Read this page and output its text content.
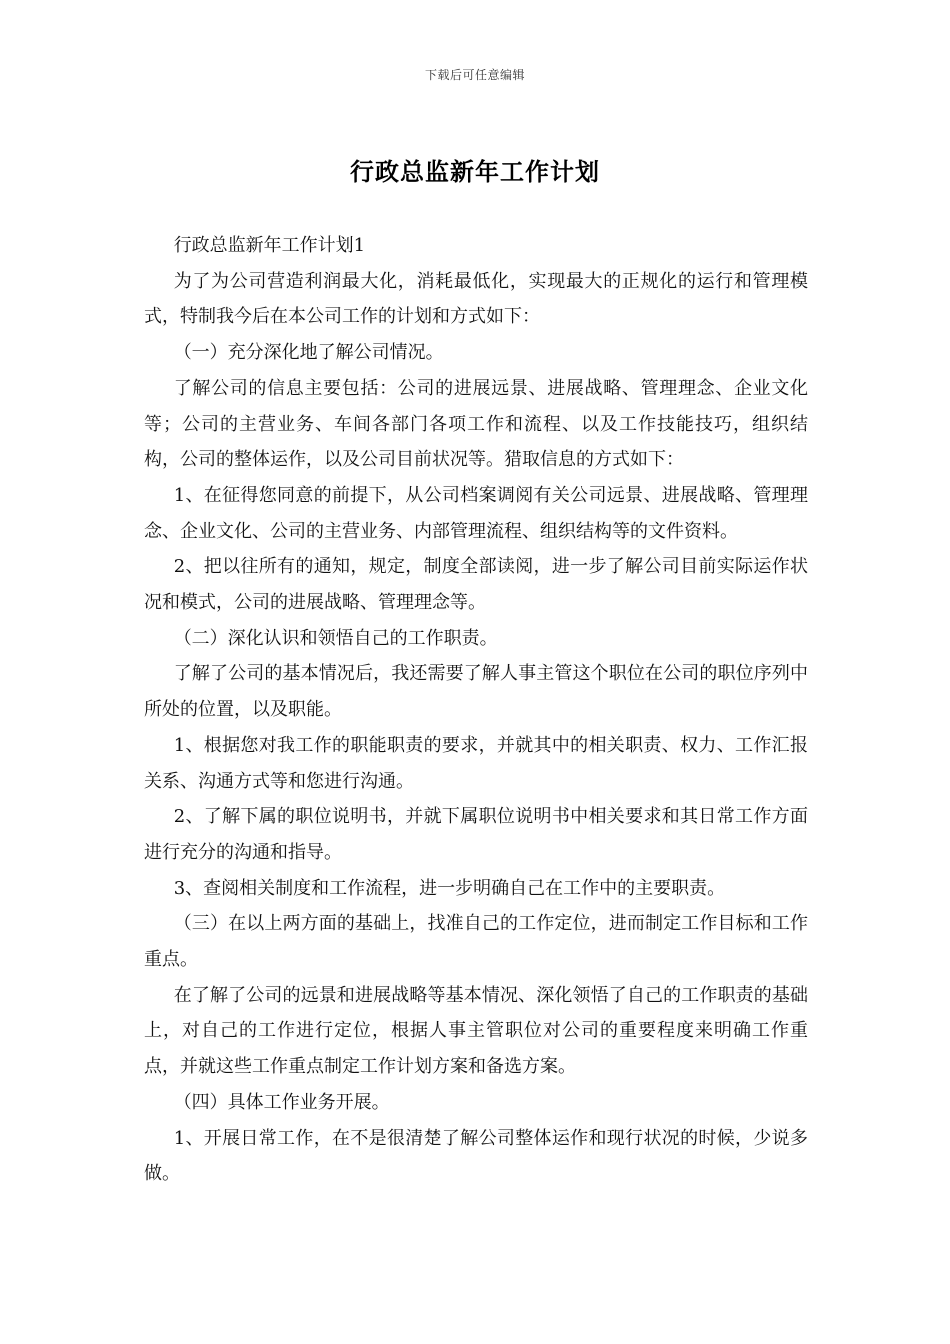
下载后可任意编辑
行政总监新年工作计划

行政总监新年工作计划1

为了为公司营造利润最大化，消耗最低化，实现最大的正规化的运行和管理模式，特制我今后在本公司工作的计划和方式如下：

（一）充分深化地了解公司情况。

了解公司的信息主要包括：公司的进展远景、进展战略、管理理念、企业文化等；公司的主营业务、车间各部门各项工作和流程、以及工作技能技巧，组织结构，公司的整体运作，以及公司目前状况等。猎取信息的方式如下：

1、在征得您同意的前提下，从公司档案调阅有关公司远景、进展战略、管理理念、企业文化、公司的主营业务、内部管理流程、组织结构等的文件资料。

2、把以往所有的通知，规定，制度全部读阅，进一步了解公司目前实际运作状况和模式，公司的进展战略、管理理念等。

（二）深化认识和领悟自己的工作职责。

了解了公司的基本情况后，我还需要了解人事主管这个职位在公司的职位序列中所处的位置，以及职能。

1、根据您对我工作的职能职责的要求，并就其中的相关职责、权力、工作汇报关系、沟通方式等和您进行沟通。

2、了解下属的职位说明书，并就下属职位说明书中相关要求和其日常工作方面进行充分的沟通和指导。

3、查阅相关制度和工作流程，进一步明确自己在工作中的主要职责。

（三）在以上两方面的基础上，找准自己的工作定位，进而制定工作目标和工作重点。

在了解了公司的远景和进展战略等基本情况、深化领悟了自己的工作职责的基础上，对自己的工作进行定位，根据人事主管职位对公司的重要程度来明确工作重点，并就这些工作重点制定工作计划方案和备选方案。

（四）具体工作业务开展。

1、开展日常工作，在不是很清楚了解公司整体运作和现行状况的时候，少说多做。
